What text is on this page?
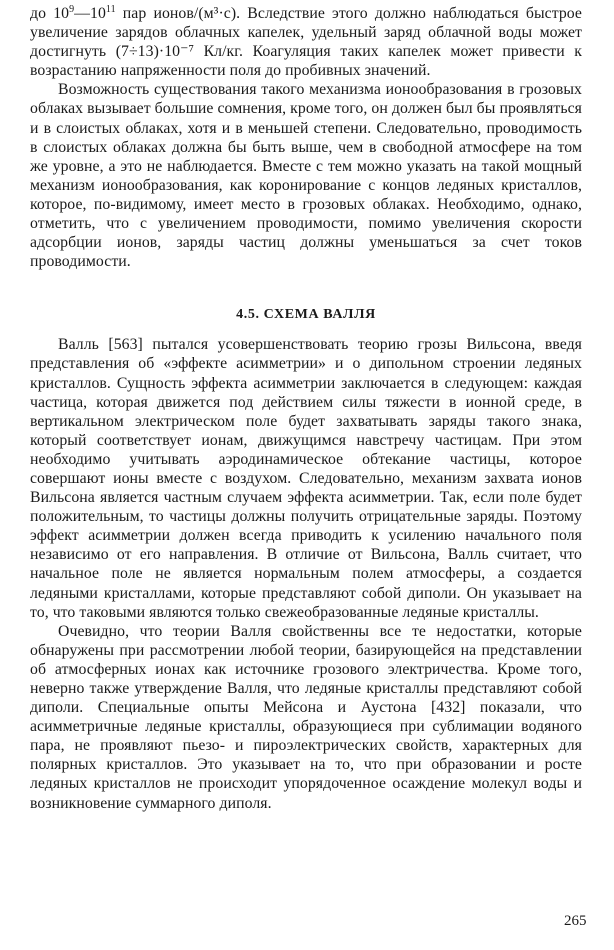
до $10^9—10^{11}$ пар ионов/(м³·с). Вследствие этого должно наблюдаться быстрое увеличение зарядов облачных капелек, удельный заряд облачной воды может достигнуть (7÷13)·10⁻⁷ Кл/кг. Коагуляция таких капелек может привести к возрастанию напряженности поля до пробивных значений.

Возможность существования такого механизма ионообразования в грозовых облаках вызывает большие сомнения, кроме того, он должен был бы проявляться и в слоистых облаках, хотя и в меньшей степени. Следовательно, проводимость в слоистых облаках должна бы быть выше, чем в свободной атмосфере на том же уровне, а это не наблюдается. Вместе с тем можно указать на такой мощный механизм ионообразования, как коронирование с концов ледяных кристаллов, которое, по-видимому, имеет место в грозовых облаках. Необходимо, однако, отметить, что с увеличением проводимости, помимо увеличения скорости адсорбции ионов, заряды частиц должны уменьшаться за счет токов проводимости.

4.5. СХЕМА ВАЛЛЯ

Валль [563] пытался усовершенствовать теорию грозы Вильсона, введя представления об «эффекте асимметрии» и о дипольном строении ледяных кристаллов. Сущность эффекта асимметрии заключается в следующем: каждая частица, которая движется под действием силы тяжести в ионной среде, в вертикальном электрическом поле будет захватывать заряды такого знака, который соответствует ионам, движущимся навстречу частицам. При этом необходимо учитывать аэродинамическое обтекание частицы, которое совершают ионы вместе с воздухом. Следовательно, механизм захвата ионов Вильсона является частным случаем эффекта асимметрии. Так, если поле будет положительным, то частицы должны получить отрицательные заряды. Поэтому эффект асимметрии должен всегда приводить к усилению начального поля независимо от его направления. В отличие от Вильсона, Валль считает, что начальное поле не является нормальным полем атмосферы, а создается ледяными кристаллами, которые представляют собой диполи. Он указывает на то, что таковыми являются только свежеобразованные ледяные кристаллы.

Очевидно, что теории Валля свойственны все те недостатки, которые обнаружены при рассмотрении любой теории, базирующейся на представлении об атмосферных ионах как источнике грозового электричества. Кроме того, неверно также утверждение Валля, что ледяные кристаллы представляют собой диполи. Специальные опыты Мейсона и Аустона [432] показали, что асимметричные ледяные кристаллы, образующиеся при сублимации водяного пара, не проявляют пьезо- и пироэлектрических свойств, характерных для полярных кристаллов. Это указывает на то, что при образовании и росте ледяных кристаллов не происходит упорядоченное осаждение молекул воды и возникновение суммарного диполя.

265
